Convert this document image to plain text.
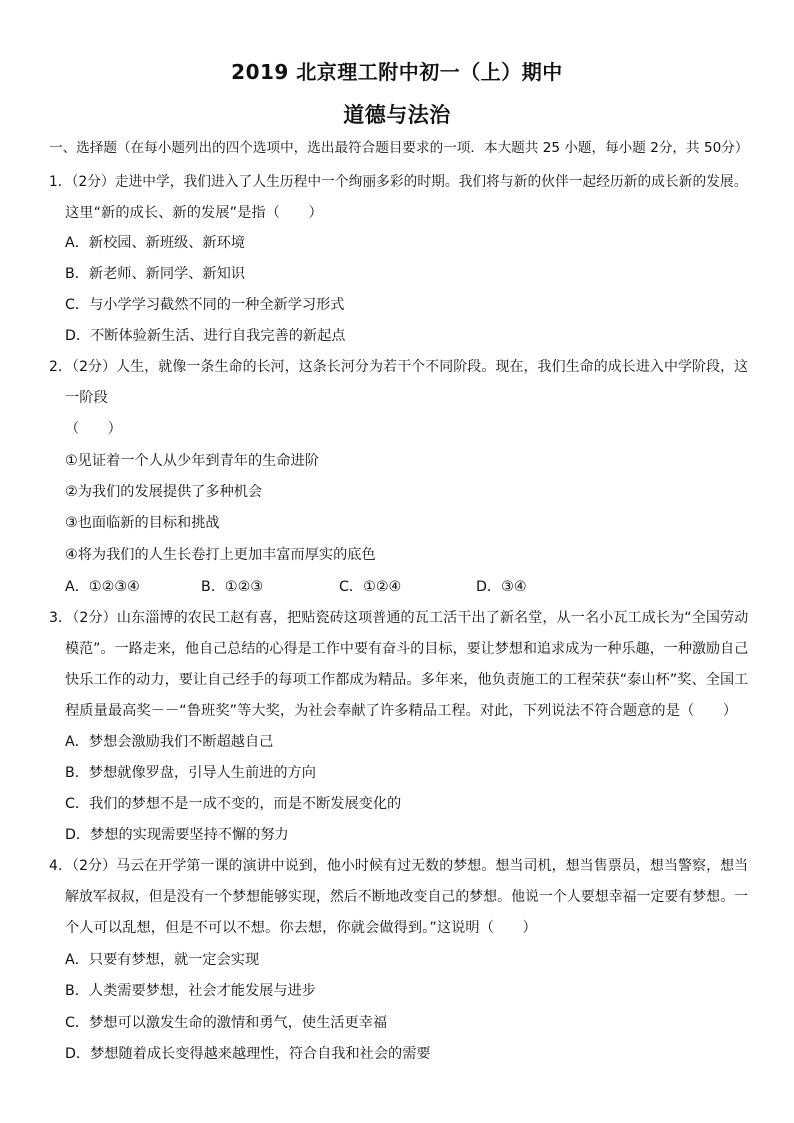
2019 北京理工附中初一（上）期中
道德与法治
一、选择题（在每小题列出的四个选项中，选出最符合题目要求的一项．本大题共 25 小题，每小题 2分，共 50分）
1．（2分）走进中学，我们进入了人生历程中一个绚丽多彩的时期。我们将与新的伙伴一起经历新的成长新的发展。
这里“新的成长、新的发展”是指（　　）
A．新校园、新班级、新环境
B．新老师、新同学、新知识
C．与小学学习截然不同的一种全新学习形式
D．不断体验新生活、进行自我完善的新起点
2．（2分）人生，就像一条生命的长河，这条长河分为若干个不同阶段。现在，我们生命的成长进入中学阶段，这
一阶段
（　　）
①见证着一个人从少年到青年的生命进阶
②为我们的发展提供了多种机会
③也面临新的目标和挑战
④将为我们的人生长卷打上更加丰富而厚实的底色
A．①②③④	B．①②③	C．①②④	D．③④
3．（2分）山东淄博的农民工赵有喜，把贴瓷砖这项普通的瓦工活干出了新名堂，从一名小瓦工成长为“全国劳动
模范”。一路走来，他自己总结的心得是工作中要有奋斗的目标，要让梦想和追求成为一种乐趣，一种激励自己
快乐工作的动力，要让自己经手的每项工作都成为精品。多年来，他负责施工的工程荣获“泰山杯”奖、全国工
程质量最高奖－－“鲁班奖”等大奖，为社会奉献了许多精品工程。对此，下列说法不符合题意的是（　　）
A．梦想会激励我们不断超越自己
B．梦想就像罗盘，引导人生前进的方向
C．我们的梦想不是一成不变的，而是不断发展变化的
D．梦想的实现需要坚持不懈的努力
4．（2分）马云在开学第一课的演讲中说到，他小时候有过无数的梦想。想当司机，想当售票员，想当警察，想当
解放军叔叔，但是没有一个梦想能够实现，然后不断地改变自己的梦想。他说一个人要想幸福一定要有梦想。一
个人可以乱想，但是不可以不想。你去想，你就会做得到。”这说明（　　）
A．只要有梦想，就一定会实现
B．人类需要梦想，社会才能发展与进步
C．梦想可以激发生命的激情和勇气，使生活更幸福
D．梦想随着成长变得越来越理性，符合自我和社会的需要
